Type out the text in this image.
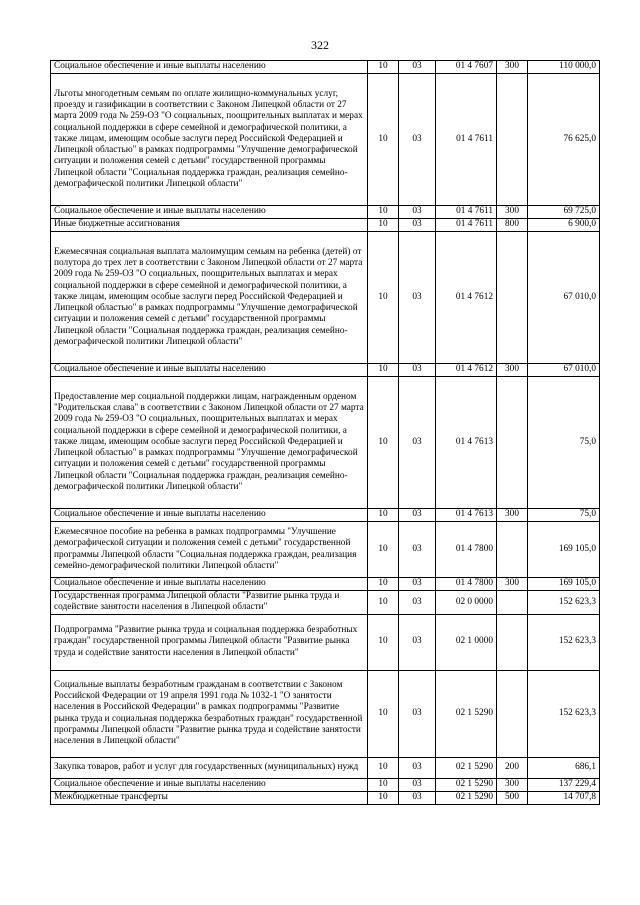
322
Социальное обеспечение и иные выплаты населению	10	03	01 4 7607	300	110 000,0
Льготы многодетным семьям по оплате жилищно-коммунальных услуг, проезду и газификации в соответствии с Законом Липецкой области от 27 марта 2009 года № 259-ОЗ "О социальных, поощрительных выплатах и мерах социальной поддержки в сфере семейной и демографической политики, а также лицам, имеющим особые заслуги перед Российской Федерацией и Липецкой областью" в рамках подпрограммы "Улучшение демографической ситуации и положения семей с детьми" государственной программы Липецкой области "Социальная поддержка граждан, реализация семейно-демографической политики Липецкой области"	10	03	01 4 7611		76 625,0
Социальное обеспечение и иные выплаты населению	10	03	01 4 7611	300	69 725,0
Иные бюджетные ассигнования	10	03	01 4 7611	800	6 900,0
Ежемесячная социальная выплата малоимущим семьям на ребенка (детей) от полутора до трех лет в соответствии с Законом Липецкой области от 27 марта 2009 года № 259-ОЗ "О социальных, поощрительных выплатах и мерах социальной поддержки в сфере семейной и демографической политики, а также лицам, имеющим особые заслуги перед Российской Федерацией и Липецкой областью" в рамках подпрограммы "Улучшение демографической ситуации и положения семей с детьми" государственной программы Липецкой области "Социальная поддержка граждан, реализация семейно-демографической политики Липецкой области"	10	03	01 4 7612		67 010,0
Социальное обеспечение и иные выплаты населению	10	03	01 4 7612	300	67 010,0
Предоставление мер социальной поддержки лицам, награжденным орденом "Родительская слава" в соответствии с Законом Липецкой области от 27 марта 2009 года № 259-ОЗ "О социальных, поощрительных выплатах и мерах социальной поддержки в сфере семейной и демографической политики, а также лицам, имеющим особые заслуги перед Российской Федерацией и Липецкой областью" в рамках подпрограммы "Улучшение демографической ситуации и положения семей с детьми" государственной программы Липецкой области "Социальная поддержка граждан, реализация семейно-демографической политики Липецкой области"	10	03	01 4 7613		75,0
Социальное обеспечение и иные выплаты населению	10	03	01 4 7613	300	75,0
Ежемесячное пособие на ребенка в рамках подпрограммы "Улучшение демографической ситуации и положения семей с детьми" государственной программы Липецкой области "Социальная поддержка граждан, реализация семейно-демографической политики Липецкой области"	10	03	01 4 7800		169 105,0
Социальное обеспечение и иные выплаты населению	10	03	01 4 7800	300	169 105,0
Государственная программа Липецкой области "Развитие рынка труда и содействие занятости населения в Липецкой области"	10	03	02 0 0000		152 623,3
Подпрограмма "Развитие рынка труда и социальная поддержка безработных граждан" государственной программы Липецкой области "Развитие рынка труда и содействие занятости населения в Липецкой области"	10	03	02 1 0000		152 623,3
Социальные выплаты безработным гражданам в соответствии с Законом Российской Федерации от 19 апреля 1991 года № 1032-1 "О занятости населения в Российской Федерации" в рамках подпрограммы "Развитие рынка труда и социальная поддержка безработных граждан" государственной программы Липецкой области "Развитие рынка труда и содействие занятости населения в Липецкой области"	10	03	02 1 5290		152 623,3
Закупка товаров, работ и услуг для государственных (муниципальных) нужд	10	03	02 1 5290	200	686,1
Социальное обеспечение и иные выплаты населению	10	03	02 1 5290	300	137 229,4
Межбюджетные трансферты	10	03	02 1 5290	500	14 707,8
